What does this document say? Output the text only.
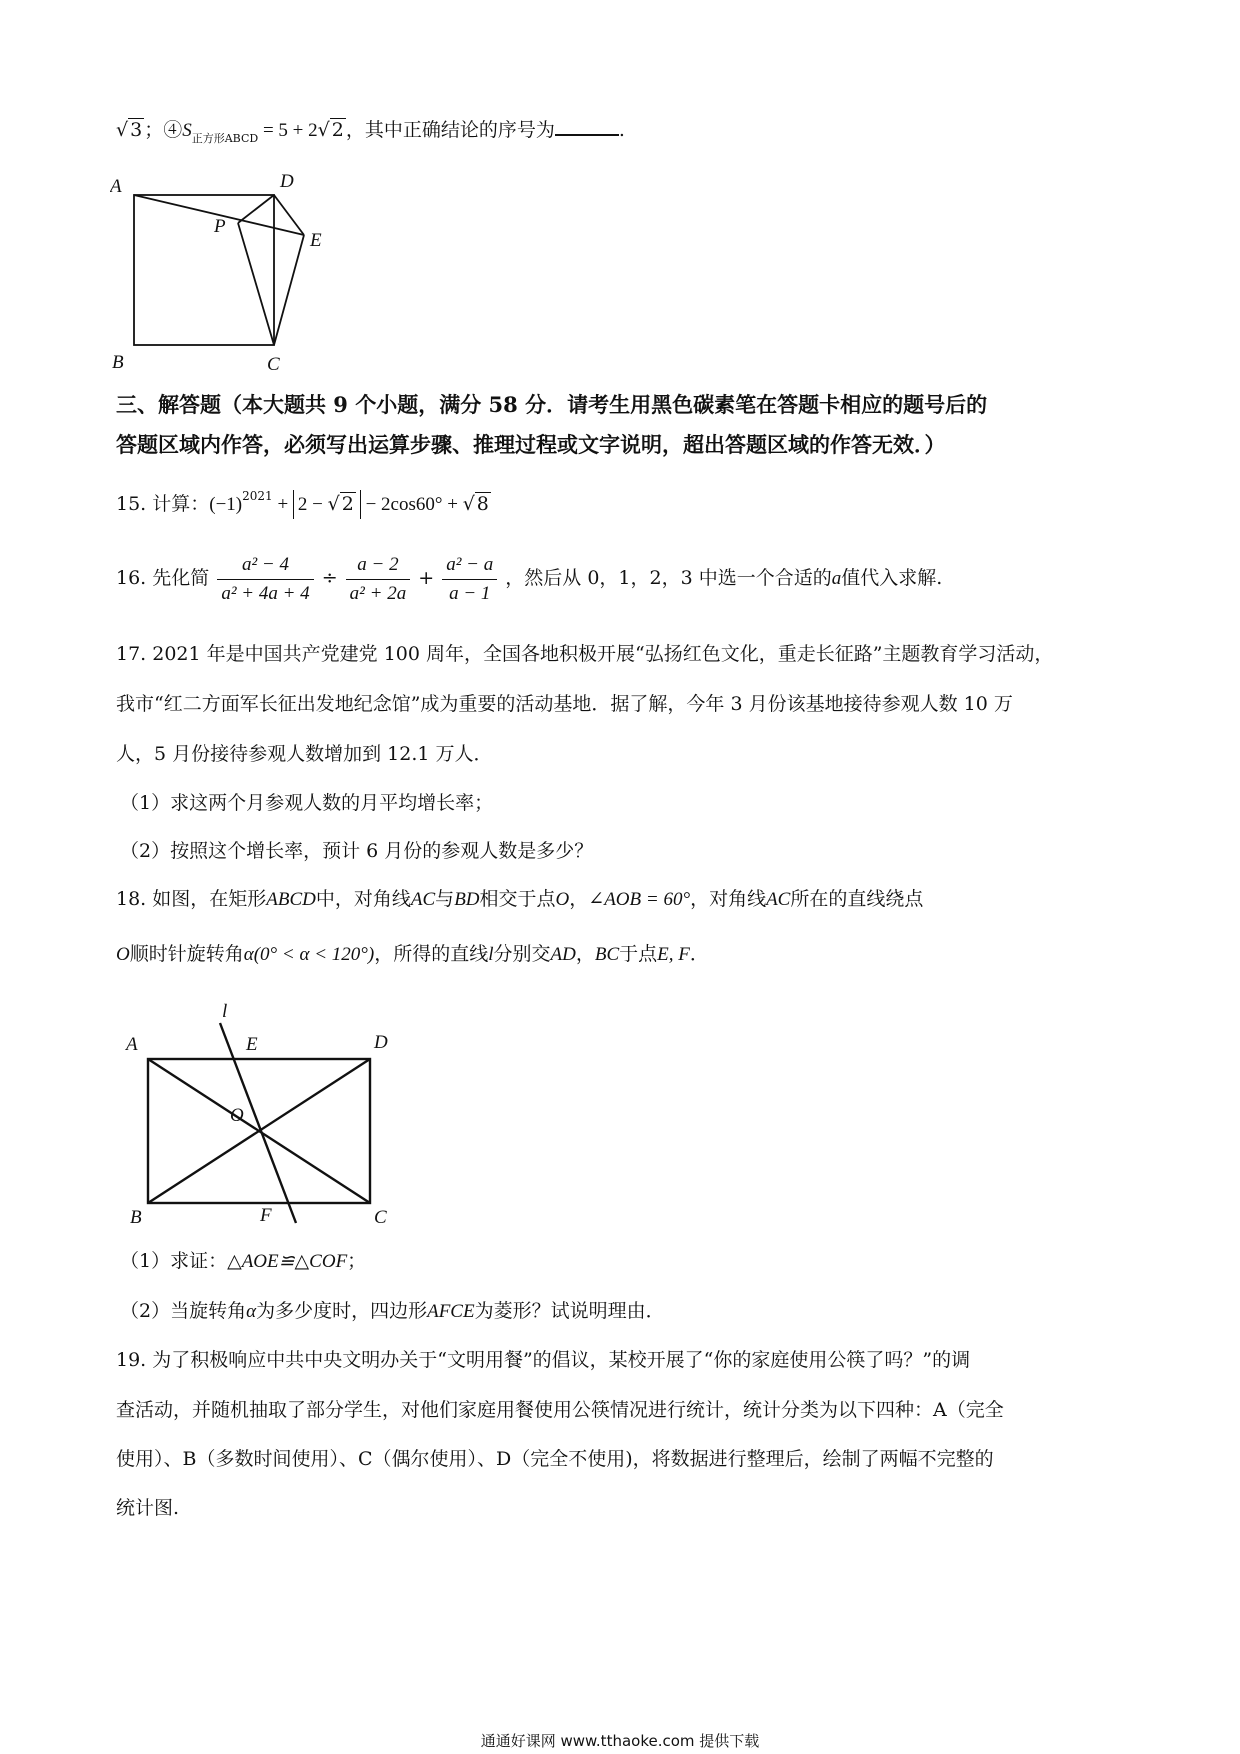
√ 3 ；$④S_{正方形ABCD} = 5 + 2√$ 2 ，其中正确结论的序号为	.
A	D
P
E
B	C
三、解答题（本大题共 9 个小题，满分 58 分．请考生用黑色碳素笔在答题卡相应的题号后的
答题区域内作答，必须写出运算步骤、推理过程或文字说明，超出答题区域的作答无效．）
15. 计算：$(-1)^{2021} + 2$ − √ 2 − 2cos60° + √ 8
16. 先化简 $\frac{\text{a² − 4}}{\text{a² + 4a + 4}} \div \frac{a - 2}{\text{a² + 2a}} + \frac{\text{a² − a}}{a - 1}$ ，然后从 0，1，2，3 中选一个合适的a值代入求解.
17. 2021 年是中国共产党建党 100 周年，全国各地积极开展“弘扬红色文化，重走长征路”主题教育学习活动，
我市“红二方面军长征出发地纪念馆”成为重要的活动基地．据了解，今年 3 月份该基地接待参观人数 10 万
人，5 月份接待参观人数增加到 12.1 万人．
（1）求这两个月参观人数的月平均增长率；
（2）按照这个增长率，预计 6 月份的参观人数是多少？
18. 如图，在矩形ABCD中，对角线AC与BD相交于点O，∠AOB = 60°，对角线AC所在的直线绕点
O顺时针旋转角α(0° < α < 120°)，所得的直线l分别交AD，BC于点E, F．
l
A	E	D
O
B	F	C
（1）求证：△AOE≌△COF；
（2）当旋转角α为多少度时，四边形AFCE为菱形？试说明理由．
19. 为了积极响应中共中央文明办关于“文明用餐”的倡议，某校开展了“你的家庭使用公筷了吗？”的调
查活动，并随机抽取了部分学生，对他们家庭用餐使用公筷情况进行统计，统计分类为以下四种：A（完全
使用）、B（多数时间使用）、C（偶尔使用）、D（完全不使用)，将数据进行整理后，绘制了两幅不完整的
统计图.
通通好课网 www.tthaoke.com 提供下载
